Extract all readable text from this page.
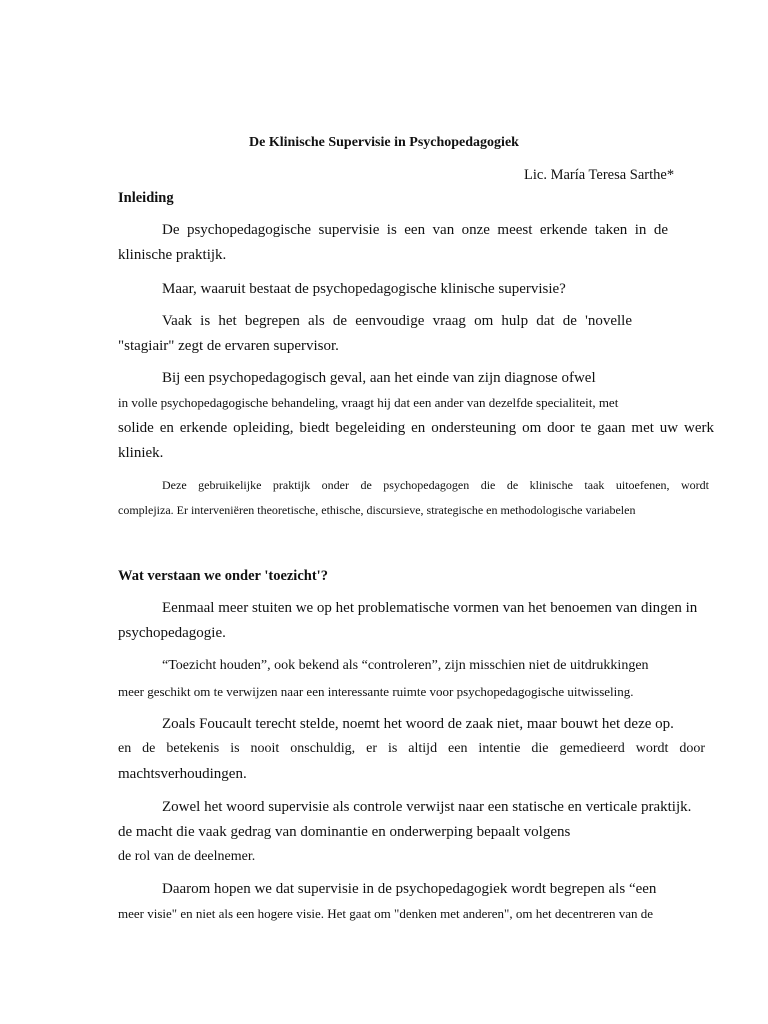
De Klinische Supervisie in Psychopedagogiek
Lic. María Teresa Sarthe*
Inleiding
De psychopedagogische supervisie is een van onze meest erkende taken in de
klinische praktijk.
Maar, waaruit bestaat de psychopedagogische klinische supervisie?
Vaak is het begrepen als de eenvoudige vraag om hulp dat de 'novelle
"stagiair" zegt de ervaren supervisor.
Bij een psychopedagogisch geval, aan het einde van zijn diagnose ofwel
in volle psychopedagogische behandeling, vraagt hij dat een ander van dezelfde specialiteit, met
solide en erkende opleiding, biedt begeleiding en ondersteuning om door te gaan met uw werk
kliniek.
Deze gebruikelijke praktijk onder de psychopedagogen die de klinische taak uitoefenen, wordt
complejiza. Er interveniëren theoretische, ethische, discursieve, strategische en methodologische variabelen
Wat verstaan we onder 'toezicht'?
Eenmaal meer stuiten we op het problematische vormen van het benoemen van dingen in
psychopedagogie.
“Toezicht houden”, ook bekend als “controleren”, zijn misschien niet de uitdrukkingen
meer geschikt om te verwijzen naar een interessante ruimte voor psychopedagogische uitwisseling.
Zoals Foucault terecht stelde, noemt het woord de zaak niet, maar bouwt het deze op.
en de betekenis is nooit onschuldig, er is altijd een intentie die gemedieerd wordt door
machtsverhoudingen.
Zowel het woord supervisie als controle verwijst naar een statische en verticale praktijk.
de macht die vaak gedrag van dominantie en onderwerping bepaalt volgens
de rol van de deelnemer.
Daarom hopen we dat supervisie in de psychopedagogiek wordt begrepen als “een
meer visie" en niet als een hogere visie. Het gaat om "denken met anderen", om het decentreren van de
